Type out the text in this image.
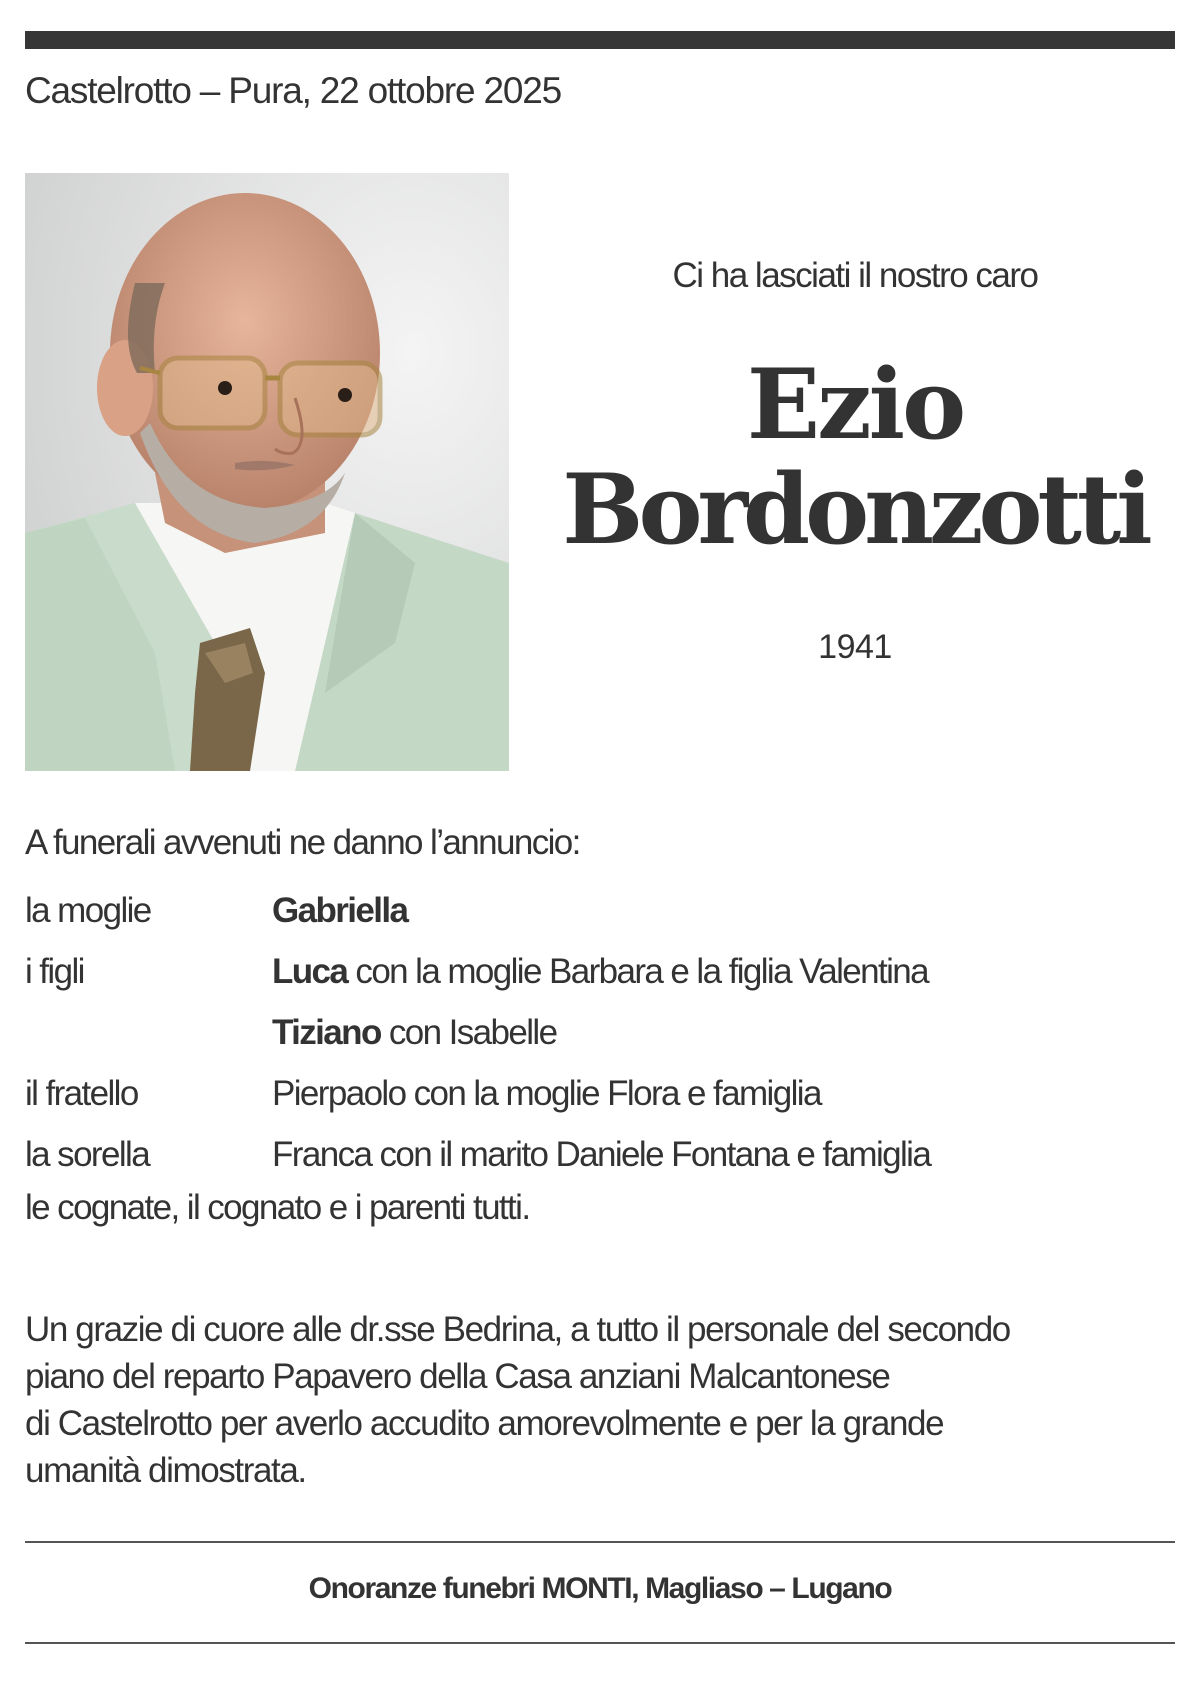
Castelrotto – Pura, 22 ottobre 2025
Ci ha lasciati il nostro caro
Ezio
Bordonzotti
1941
A funerali avvenuti ne danno l’annuncio:
la moglie	Gabriella
i figli	Luca con la moglie Barbara e la figlia Valentina
Tiziano con Isabelle
il fratello	Pierpaolo con la moglie Flora e famiglia
la sorella	Franca con il marito Daniele Fontana e famiglia
le cognate, il cognato e i parenti tutti.
Un grazie di cuore alle dr.sse Bedrina, a tutto il personale del secondo
piano del reparto Papavero della Casa anziani Malcantonese
di Castelrotto per averlo accudito amorevolmente e per la grande
umanità dimostrata.
Onoranze funebri MONTI, Magliaso – Lugano
